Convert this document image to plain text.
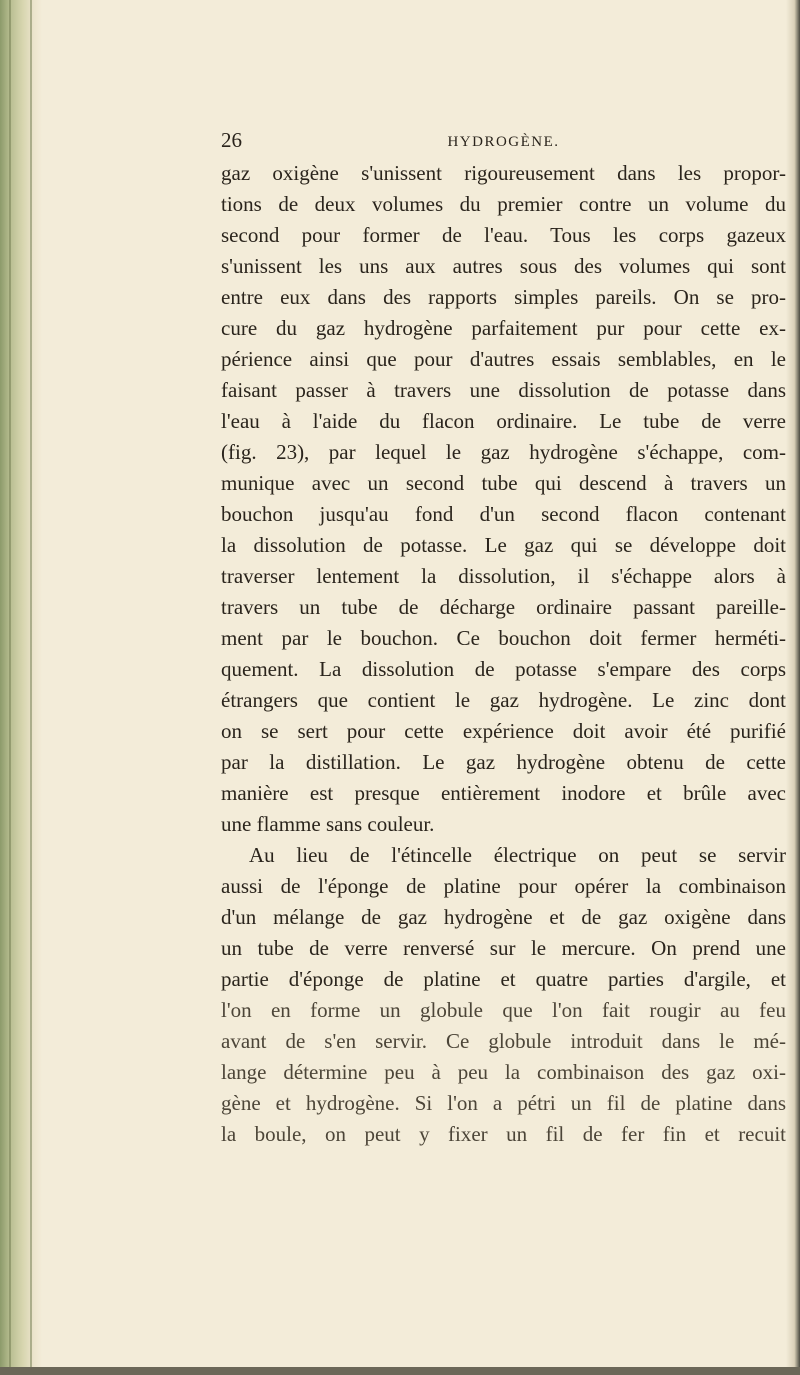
26	HYDROGÈNE.
gaz oxigène s'unissent rigoureusement dans les propor-
tions de deux volumes du premier contre un volume du
second pour former de l'eau. Tous les corps gazeux
s'unissent les uns aux autres sous des volumes qui sont
entre eux dans des rapports simples pareils. On se pro-
cure du gaz hydrogène parfaitement pur pour cette ex-
périence ainsi que pour d'autres essais semblables, en le
faisant passer à travers une dissolution de potasse dans
l'eau à l'aide du flacon ordinaire. Le tube de verre
(fig. 23), par lequel le gaz hydrogène s'échappe, com-
munique avec un second tube qui descend à travers un
bouchon jusqu'au fond d'un second flacon contenant
la dissolution de potasse. Le gaz qui se développe doit
traverser lentement la dissolution, il s'échappe alors à
travers un tube de décharge ordinaire passant pareille-
ment par le bouchon. Ce bouchon doit fermer herméti-
quement. La dissolution de potasse s'empare des corps
étrangers que contient le gaz hydrogène. Le zinc dont
on se sert pour cette expérience doit avoir été purifié
par la distillation. Le gaz hydrogène obtenu de cette
manière est presque entièrement inodore et brûle avec
une flamme sans couleur.
Au lieu de l'étincelle électrique on peut se servir
aussi de l'éponge de platine pour opérer la combinaison
d'un mélange de gaz hydrogène et de gaz oxigène dans
un tube de verre renversé sur le mercure. On prend une
partie d'éponge de platine et quatre parties d'argile, et
l'on en forme un globule que l'on fait rougir au feu
avant de s'en servir. Ce globule introduit dans le mé-
lange détermine peu à peu la combinaison des gaz oxi-
gène et hydrogène. Si l'on a pétri un fil de platine dans
la boule, on peut y fixer un fil de fer fin et recuit
